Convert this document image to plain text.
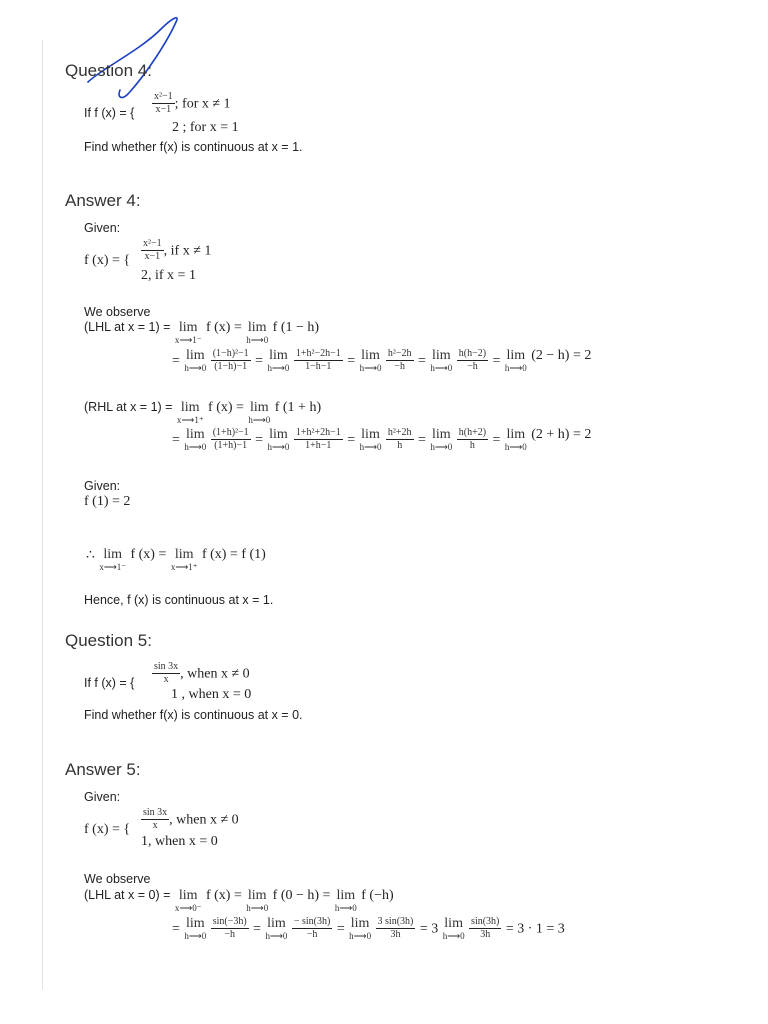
Question 4:
If f (x) = { $\frac{\text{x²−1}}{x-1}$ ; for x ≠ 1
2 ; for x = 1
Find whether f(x) is continuous at x = 1.
Answer 4:
Given:
f (x) = { $\frac{\text{x²−1}}{x-1}$ , if x ≠ 1
2, if x = 1
We observe
$^{(LHL at x = 1) =}$ lim
x⟶1⁻
f (x) = lim
h⟶0
f (1 − h)
= lim
h⟶0
$\frac{\text{(1−h)²−1}}{(1-h)-1} = \lim$
h⟶0
$\frac{\text{1+h²−2h−1}}{1-h-1} = \lim$
h⟶0
$\frac{\text{h²−2h}}{-h} = \lim$
h⟶0
$\frac{h(h-2)}{-h} = \lim$
h⟶0
(2 − h) = 2
$^{(RHL at x = 1) =}$ lim
x⟶1⁺
f (x) = lim
h⟶0
f (1 + h)
= lim
h⟶0
$\frac{\text{(1+h)²−1}}{(1+h)-1} = \lim$
h⟶0
$\frac{\text{1+h²+2h−1}}{1+h-1} = \lim$
h⟶0
$\frac{\text{h²+2h}}{h} = \lim$
h⟶0
$\frac{h(h+2)}{h} = \lim$
h⟶0
(2 + h) = 2
Given:
f (1) = 2
∴ lim
x⟶1⁻
f (x) = lim
x⟶1⁺
f (x) = f (1)
Hence, f (x) is continuous at x = 1.
Question 5:
If f (x) = { $\frac{\sin 3x}{x}$ , when x ≠ 0
1 , when x = 0
Find whether f(x) is continuous at x = 0.
Answer 5:
Given:
f (x) = { $\frac{\sin 3x}{x}$ , when x ≠ 0
1, when x = 0
We observe
$^{(LHL at x = 0) =}$ lim
x⟶0⁻
f (x) = lim
h⟶0
f (0 − h) = lim
h⟶0
f (−h)
= lim
h⟶0
$\frac{\sin(-3h)}{-h} = \lim$
h⟶0
$\frac{- \sin(3h)}{-h} = \lim$
h⟶0
$\frac{3 \sin(3h)}{3h} = 3$ lim
h⟶0
$\frac{\sin(3h)}{3h} = 3 \cdot 1 = 3$
